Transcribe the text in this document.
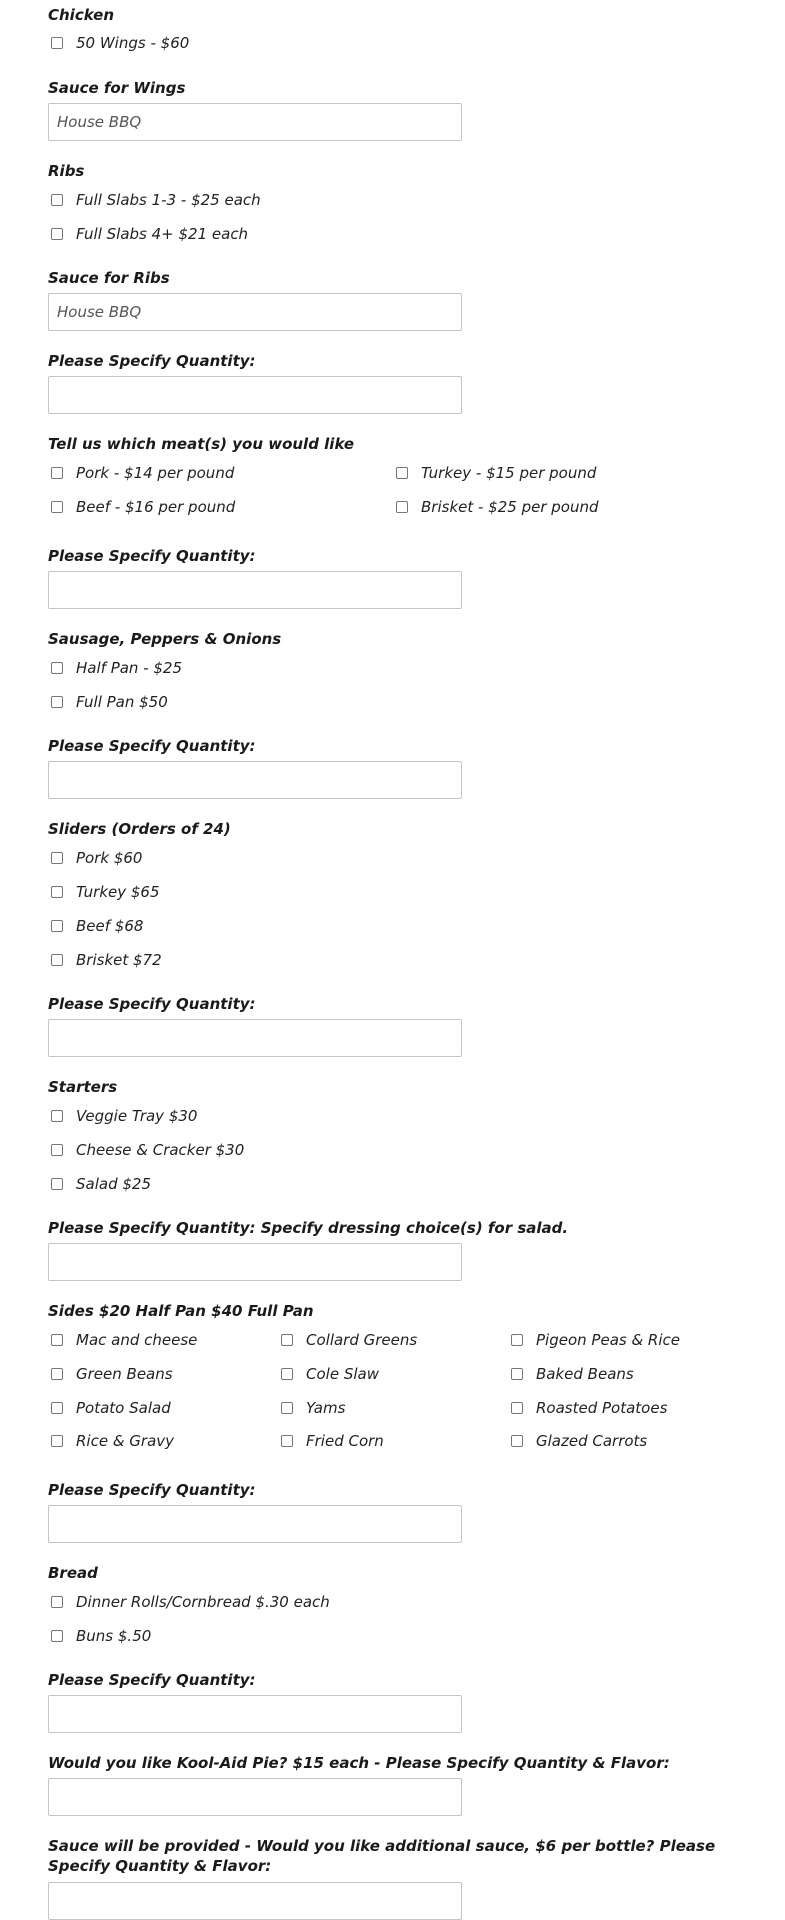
Chicken
50 Wings - $60
Sauce for Wings
House BBQ
Ribs
Full Slabs 1-3 - $25 each
Full Slabs 4+ $21 each
Sauce for Ribs
House BBQ
Please Specify Quantity:
Tell us which meat(s) you would like
Pork - $14 per pound	Turkey - $15 per pound
Beef - $16 per pound	Brisket - $25 per pound
Please Specify Quantity:
Sausage, Peppers & Onions
Half Pan - $25
Full Pan $50
Please Specify Quantity:
Sliders (Orders of 24)
Pork $60
Turkey $65
Beef $68
Brisket $72
Please Specify Quantity:
Starters
Veggie Tray $30
Cheese & Cracker $30
Salad $25
Please Specify Quantity: Specify dressing choice(s) for salad.
Sides $20 Half Pan $40 Full Pan
Mac and cheese	Collard Greens	Pigeon Peas & Rice
Green Beans	Cole Slaw	Baked Beans
Potato Salad	Yams	Roasted Potatoes
Rice & Gravy	Fried Corn	Glazed Carrots
Please Specify Quantity:
Bread
Dinner Rolls/Cornbread $.30 each
Buns $.50
Please Specify Quantity:
Would you like Kool-Aid Pie? $15 each - Please Specify Quantity & Flavor:
Sauce will be provided - Would you like additional sauce, $6 per bottle? Please Specify Quantity & Flavor:
